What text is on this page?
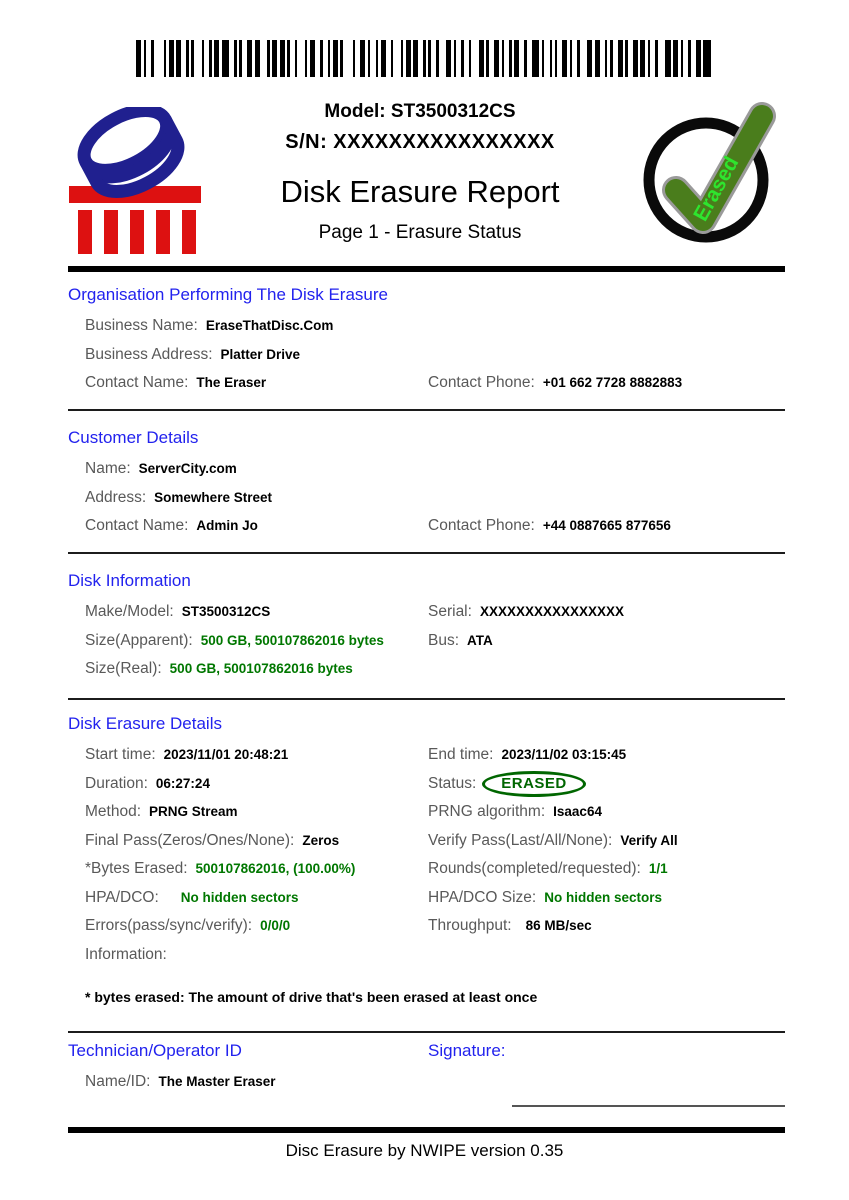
Model: ST3500312CS
S/N: XXXXXXXXXXXXXXXX
Disk Erasure Report
Page 1 - Erasure Status
Erased
Organisation Performing The Disk Erasure
Business Name: EraseThatDisc.Com
Business Address: Platter Drive
Contact Name: The Eraser	Contact Phone: +01 662 7728 8882883
Customer Details
Name: ServerCity.com
Address: Somewhere Street
Contact Name: Admin Jo	Contact Phone: +44 0887665 877656
Disk Information
Make/Model: ST3500312CS	Serial: XXXXXXXXXXXXXXXX
Size(Apparent): 500 GB, 500107862016 bytes	Bus: ATA
Size(Real): 500 GB, 500107862016 bytes
Disk Erasure Details
Start time: 2023/11/01 20:48:21	End time: 2023/11/02 03:15:45
Duration: 06:27:24	Status: ERASED
Method: PRNG Stream	PRNG algorithm: Isaac64
Final Pass(Zeros/Ones/None): Zeros	Verify Pass(Last/All/None): Verify All
*Bytes Erased: 500107862016, (100.00%)	Rounds(completed/requested): 1/1
HPA/DCO: No hidden sectors	HPA/DCO Size: No hidden sectors
Errors(pass/sync/verify): 0/0/0	Throughput: 86 MB/sec
Information:
* bytes erased: The amount of drive that's been erased at least once
Technician/Operator ID	Signature:
Name/ID: The Master Eraser
Disc Erasure by NWIPE version 0.35
